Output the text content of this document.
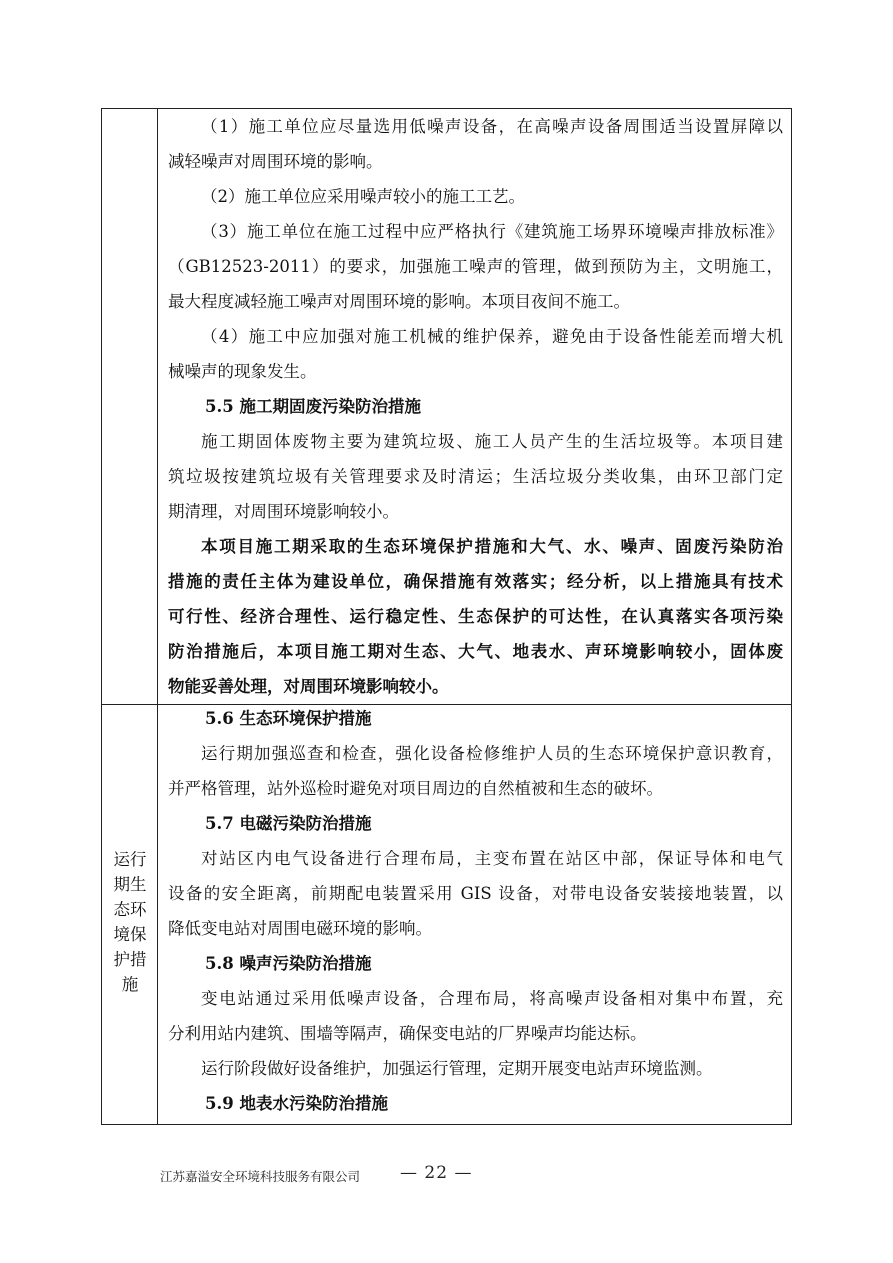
（1）施工单位应尽量选用低噪声设备，在高噪声设备周围适当设置屏障以
减轻噪声对周围环境的影响。
（2）施工单位应采用噪声较小的施工工艺。
（3）施工单位在施工过程中应严格执行《建筑施工场界环境噪声排放标准》
（GB12523-2011）的要求，加强施工噪声的管理，做到预防为主，文明施工，
最大程度减轻施工噪声对周围环境的影响。本项目夜间不施工。
（4）施工中应加强对施工机械的维护保养，避免由于设备性能差而增大机
械噪声的现象发生。
5.5 施工期固废污染防治措施
施工期固体废物主要为建筑垃圾、施工人员产生的生活垃圾等。本项目建
筑垃圾按建筑垃圾有关管理要求及时清运；生活垃圾分类收集，由环卫部门定
期清理，对周围环境影响较小。
本项目施工期采取的生态环境保护措施和大气、水、噪声、固废污染防治
措施的责任主体为建设单位，确保措施有效落实；经分析，以上措施具有技术
可行性、经济合理性、运行稳定性、生态保护的可达性，在认真落实各项污染
防治措施后，本项目施工期对生态、大气、地表水、声环境影响较小，固体废
物能妥善处理，对周围环境影响较小。
运行期生态环境保护措施
5.6 生态环境保护措施
运行期加强巡查和检查，强化设备检修维护人员的生态环境保护意识教育，
并严格管理，站外巡检时避免对项目周边的自然植被和生态的破坏。
5.7 电磁污染防治措施
对站区内电气设备进行合理布局，主变布置在站区中部，保证导体和电气
设备的安全距离，前期配电装置采用 GIS 设备，对带电设备安装接地装置，以
降低变电站对周围电磁环境的影响。
5.8 噪声污染防治措施
变电站通过采用低噪声设备，合理布局，将高噪声设备相对集中布置，充
分利用站内建筑、围墙等隔声，确保变电站的厂界噪声均能达标。
运行阶段做好设备维护，加强运行管理，定期开展变电站声环境监测。
5.9 地表水污染防治措施
江苏嘉溢安全环境科技服务有限公司 — 22 —
